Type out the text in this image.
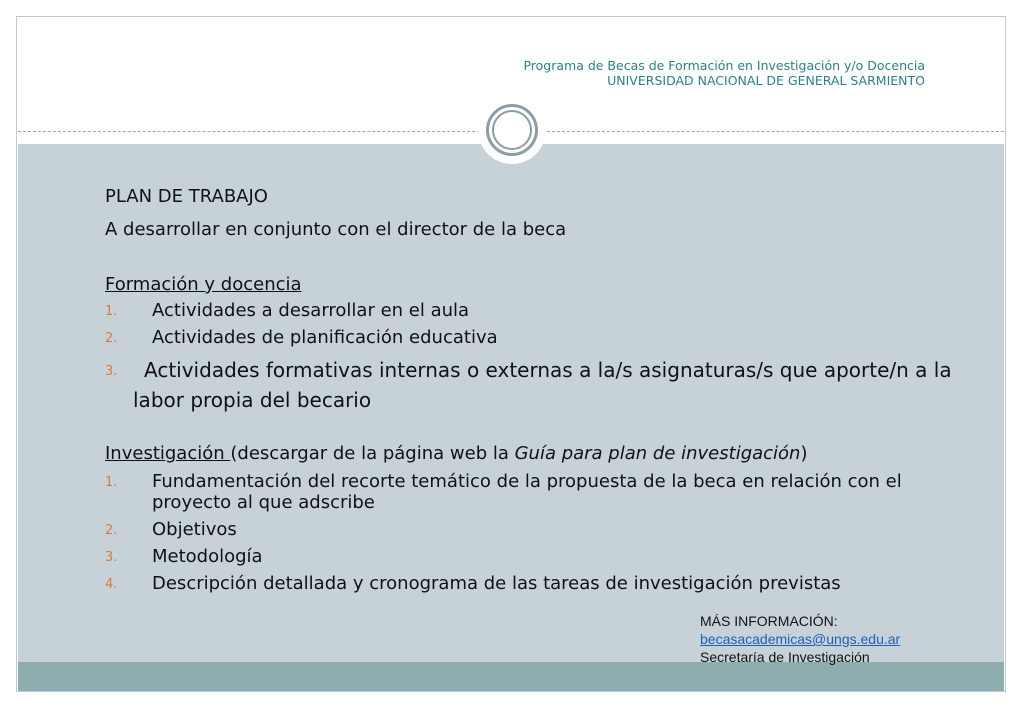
Programa de Becas de Formación en Investigación y/o Docencia
UNIVERSIDAD NACIONAL DE GENERAL SARMIENTO
PLAN DE TRABAJO
A desarrollar en conjunto con el director de la beca
Formación y docencia
1. Actividades a desarrollar en el aula
2. Actividades de planificación educativa
3. Actividades formativas internas o externas a la/s asignaturas/s que aporte/n a la
labor propia del becario
Investigación (descargar de la página web la Guía para plan de investigación)
1. Fundamentación del recorte temático de la propuesta de la beca en relación con el
proyecto al que adscribe
2. Objetivos
3. Metodología
4. Descripción detallada y cronograma de las tareas de investigación previstas
MÁS INFORMACIÓN:
becasacademicas@ungs.edu.ar
Secretaría de Investigación
